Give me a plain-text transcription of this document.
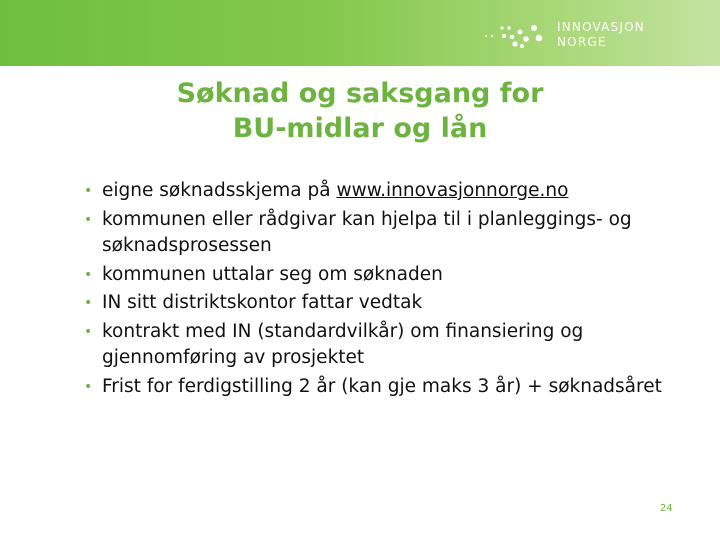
INNOVASJON
NORGE
Søknad og saksgang for
BU-midlar og lån
• eigne søknadsskjema på www.innovasjonnorge.no
• kommunen eller rådgivar kan hjelpa til i planleggings- og søknadsprosessen
• kommunen uttalar seg om søknaden
• IN sitt distriktskontor fattar vedtak
• kontrakt med IN (standardvilkår) om finansiering og gjennomføring av prosjektet
• Frist for ferdigstilling 2 år (kan gje maks 3 år) + søknadsåret
24
